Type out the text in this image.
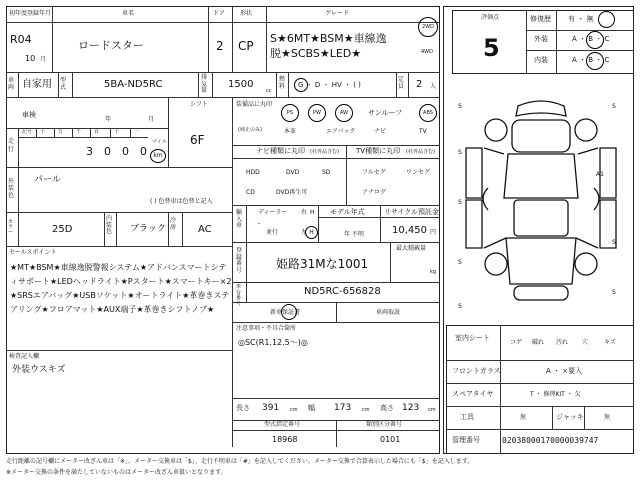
初年度登録年月
R04
10 月
車名
ロードスター
ドア
2
形状
CP
グレード
S★6MT★BSM★車線逸
脱★SCBS★LED★
2WD
4WD
車両 自家用 型式	5BA-ND5RC
排気量
1500
cc
燃料 G ・ D ・ HV ・ ( )
定員 2 人
車検
年	月
シフト
6F
走行
記号 十	万	千	百	十	一
3 0 0 0
マイル
km
外装色
パール
( ) 色替車は色替と記入
カラー	25D
内装色	ブラック
冷房	AC
セールスポイント
★MT★BSM★車線逸脱警報システム★アドバンスマートシテ
ィサポート★LEDヘッドライト★Pスタート★スマートキー×2
★SRSエアバッグ★USBソケット★オートライト★革巻きステ
アリング★フロアマット★AUX端子★革巻きシフトノブ★
検査記入欄
外装ウスキズ
装備品に丸印
(純正のみ)
PS	PW	AW	サンルーフ	ABS
本革	エアバック	ナビ	TV
ナビ種類に丸印 (社外品含む) TV種類に丸印 (社外品含む)
HDD	DVD	SD
CD	DVD再生可
フルセグ	ワンセグ
アナログ
輸入車
ディーラー
・
並行
右 H
左 H
モデル年式
年 不明
リサイクル預託金
10,450 円
登録番号	姫路31Mな1001
最大積載量
kg
車台番号
ND5RC-656828
新車保証書	車両取説
注意事項・不具合箇所
◎SC(R1.12.5〜)◎
長さ 391 cm 幅 173 cm 高さ 123 cm
型式指定番号
18968
類別区分番号
0101
評価点
5
修復歴 有 ・ 無
外装	A ・ B ・ C
内装	A ・ B ・ C
S	S
S
S
S
A1
S
S
S
室内シート
コゲ 破れ 汚れ 穴	キズ
フロントガラス	A ・ ×要入
スペアタイヤ	T ・ 修理KIT ・ 欠
工具	無	ジャッキ	無
管理番号	02038000170000039747
走行距離の記号欄にメーター改ざん車は「※」、メーター交換車は「$」、走行不明車は「#」を記入してください。メーター交換で合算表示した場合にも「$」を記入します。
※メーター交換の条件を満たしていないものはメーター改ざん車扱いとなります。
